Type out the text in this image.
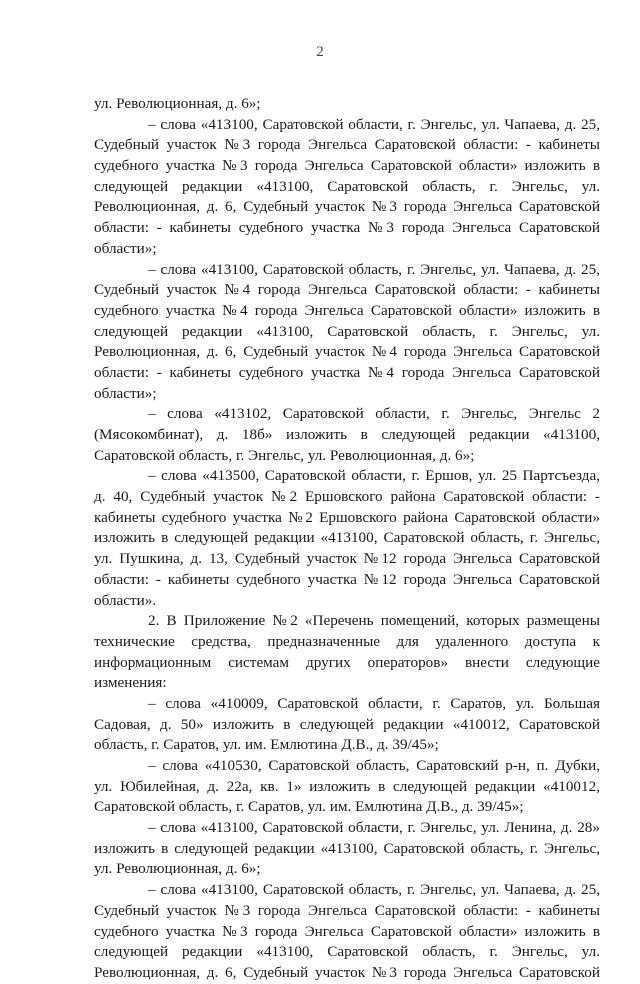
2
ул. Революционная, д. 6»;
– слова «413100, Саратовской области, г. Энгельс, ул. Чапаева, д. 25,
Судебный участок №3 города Энгельса Саратовской области: - кабинеты
судебного участка №3 города Энгельса Саратовской области» изложить в
следующей редакции «413100, Саратовской область, г. Энгельс, ул.
Революционная, д. 6, Судебный участок №3 города Энгельса Саратовской
области: - кабинеты судебного участка №3 города Энгельса Саратовской
области»;
– слова «413100, Саратовской область, г. Энгельс, ул. Чапаева, д. 25,
Судебный участок №4 города Энгельса Саратовской области: - кабинеты
судебного участка №4 города Энгельса Саратовской области» изложить в
следующей редакции «413100, Саратовской область, г. Энгельс, ул.
Революционная, д. 6, Судебный участок №4 города Энгельса Саратовской
области: - кабинеты судебного участка №4 города Энгельса Саратовской
области»;
– слова «413102, Саратовской области, г. Энгельс, Энгельс 2
(Мясокомбинат), д. 18б» изложить в следующей редакции «413100,
Саратовской область, г. Энгельс, ул. Революционная, д. 6»;
– слова «413500, Саратовской области, г. Ершов, ул. 25 Партсъезда,
д. 40, Судебный участок №2 Ершовского района Саратовской области: -
кабинеты судебного участка №2 Ершовского района Саратовской области»
изложить в следующей редакции «413100, Саратовской область, г. Энгельс,
ул. Пушкина, д. 13, Судебный участок №12 города Энгельса Саратовской
области: - кабинеты судебного участка №12 города Энгельса Саратовской
области».
2. В Приложение №2 «Перечень помещений, которых размещены
технические средства, предназначенные для удаленного доступа к
информационным системам других операторов» внести следующие
изменения:
– слова «410009, Саратовской области, г. Саратов, ул. Большая
Садовая, д. 50» изложить в следующей редакции «410012, Саратовской
область, г. Саратов, ул. им. Емлютина Д.В., д. 39/45»;
– слова «410530, Саратовской область, Саратовский р-н, п. Дубки,
ул. Юбилейная, д. 22а, кв. 1» изложить в следующей редакции «410012,
Саратовской область, г. Саратов, ул. им. Емлютина Д.В., д. 39/45»;
– слова «413100, Саратовской области, г. Энгельс, ул. Ленина, д. 28»
изложить в следующей редакции «413100, Саратовской область, г. Энгельс,
ул. Революционная, д. 6»;
– слова «413100, Саратовской область, г. Энгельс, ул. Чапаева, д. 25,
Судебный участок №3 города Энгельса Саратовской области: - кабинеты
судебного участка №3 города Энгельса Саратовской области» изложить в
следующей редакции «413100, Саратовской область, г. Энгельс, ул.
Революционная, д. 6, Судебный участок №3 города Энгельса Саратовской
